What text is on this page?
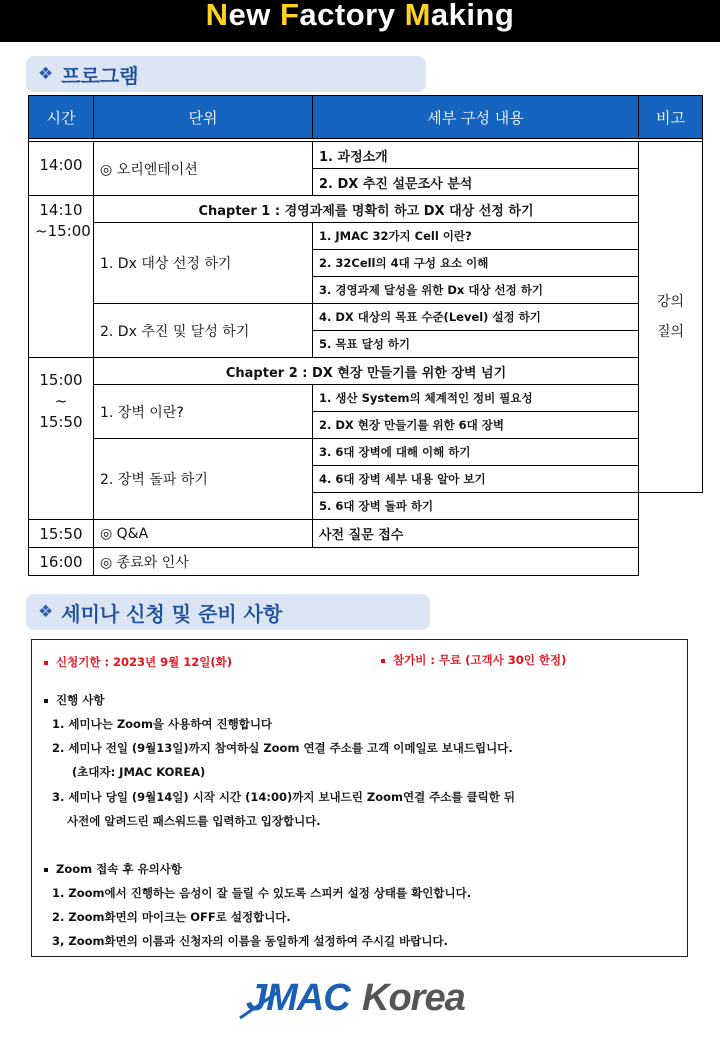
New Factory Making
❖ 프로그램
시간	단위	세부 구성 내용	비고

14:00	◎ 오리엔테이션	1. 과정소개	강의
질의

		2. DX 추진 설문조사 분석	

14:10
~15:00	Chapter 1 : 경영과제를 명확히 하고 DX 대상 선정 하기		
	1. Dx 대상 선정 하기	1. JMAC 32가지 Cell 이란?	
		2. 32Cell의 4대 구성 요소 이해	
		3. 경영과제 달성을 위한 Dx 대상 선정 하기	
	2. Dx 추진 및 달성 하기	4. DX 대상의 목표 수준(Level) 설정 하기	
		5. 목표 달성 하기	

15:00
~ 15:50	Chapter 2 : DX 현장 만들기를 위한 장벽 넘기		
	1. 장벽 이란?	1. 생산 System의 체계적인 정비 필요성	
		2. DX 현장 만들기를 위한 6대 장벽	
	2. 장벽 돌파 하기	3. 6대 장벽에 대해 이해 하기	
		4. 6대 장벽 세부 내용 알아 보기	
		5. 6대 장벽 돌파 하기	
15:50	◎ Q&A	사전 질문 접수	
16:00	◎ 종료와 인사		
❖ 세미나 신청 및 준비 사항
신청기한 : 2023년 9월 12일(화)	참가비 : 무료 (고객사 30인 한정)
진행 사항
1. 세미나는 Zoom을 사용하여 진행합니다
2. 세미나 전일 (9월13일)까지 참여하실 Zoom 연결 주소를 고객 이메일로 보내드립니다.
(초대자: JMAC KOREA)
3. 세미나 당일 (9월14일) 시작 시간 (14:00)까지 보내드린 Zoom연결 주소를 클릭한 뒤
사전에 알려드린 패스워드를 입력하고 입장합니다.
Zoom 접속 후 유의사항
1. Zoom에서 진행하는 음성이 잘 들릴 수 있도록 스피커 설정 상태를 확인합니다.
2. Zoom화면의 마이크는 OFF로 설정합니다.
3, Zoom화면의 이름과 신청자의 이름을 동일하게 설정하여 주시길 바랍니다.
JMAC Korea
